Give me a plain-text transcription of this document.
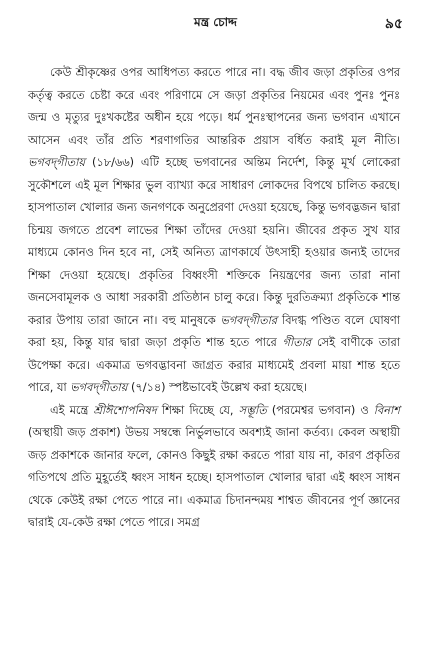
মন্ত্র চোদ্দ	৯৫

কেউ শ্রীকৃষ্ণের ওপর আধিপত্য করতে পারে না। বদ্ধ জীব জড়া প্রকৃতির ওপর কর্তৃত্ব করতে চেষ্টা করে এবং পরিণামে সে জড়া প্রকৃতির নিয়মের এবং পুনঃ পুনঃ জন্ম ও মৃত্যুর দুঃখকষ্টের অধীন হয়ে পড়ে। ধর্ম পুনঃস্থাপনের জন্য ভগবান এখানে আসেন এবং তাঁর প্রতি শরণাগতির আন্তরিক প্রয়াস বর্ধিত করাই মূল নীতি। ভগবদ্‌গীতায় (১৮/৬৬) এটি হচ্ছে ভগবানের অন্তিম নির্দেশ, কিন্তু মূর্খ লোকেরা সুকৌশলে এই মূল শিক্ষার ভুল ব্যাখ্যা করে সাধারণ লোকদের বিপথে চালিত করছে। হাসপাতাল খোলার জন্য জনগণকে অনুপ্রেরণা দেওয়া হয়েছে, কিন্তু ভগবদ্ভজন দ্বারা চিন্ময় জগতে প্রবেশ লাভের শিক্ষা তাঁদের দেওয়া হয়নি। জীবের প্রকৃত সুখ যার মাধ্যমে কোনও দিন হবে না, সেই অনিত্য ত্রাণকার্যে উৎসাহী হওয়ার জন্যই তাদের শিক্ষা দেওয়া হয়েছে। প্রকৃতির বিধ্বংসী শক্তিকে নিয়ন্ত্রণের জন্য তারা নানা জনসেবামূলক ও আধা সরকারী প্রতিষ্ঠান চালু করে। কিন্তু দুরতিক্রম্যা প্রকৃতিকে শান্ত করার উপায় তারা জানে না। বহু মানুষকে ভগবদ্‌গীতার বিদগ্ধ পণ্ডিত বলে ঘোষণা করা হয়, কিন্তু যার দ্বারা জড়া প্রকৃতি শান্ত হতে পারে গীতার সেই বাণীকে তারা উপেক্ষা করে। একমাত্র ভগবদ্ভাবনা জাগ্রত করার মাধ্যমেই প্রবলা মায়া শান্ত হতে পারে, যা ভগবদ্‌গীতায় (৭/১৪) স্পষ্টভাবেই উল্লেখ করা হয়েছে।

এই মন্ত্রে শ্রীঈশোপনিষদ শিক্ষা দিচ্ছে যে, সম্ভূতি (পরমেশ্বর ভগবান) ও বিনাশ (অস্থায়ী জড় প্রকাশ) উভয় সম্বন্ধে নির্ভুলভাবে অবশ্যই জানা কর্তব্য। কেবল অস্থায়ী জড় প্রকাশকে জানার ফলে, কোনও কিছুই রক্ষা করতে পারা যায় না, কারণ প্রকৃতির গতিপথে প্রতি মুহূর্তেই ধ্বংস সাধন হচ্ছে। হাসপাতাল খোলার দ্বারা এই ধ্বংস সাধন থেকে কেউই রক্ষা পেতে পারে না। একমাত্র চিদানন্দময় শাশ্বত জীবনের পূর্ণ জ্ঞানের দ্বারাই যে-কেউ রক্ষা পেতে পারে। সমগ্র
